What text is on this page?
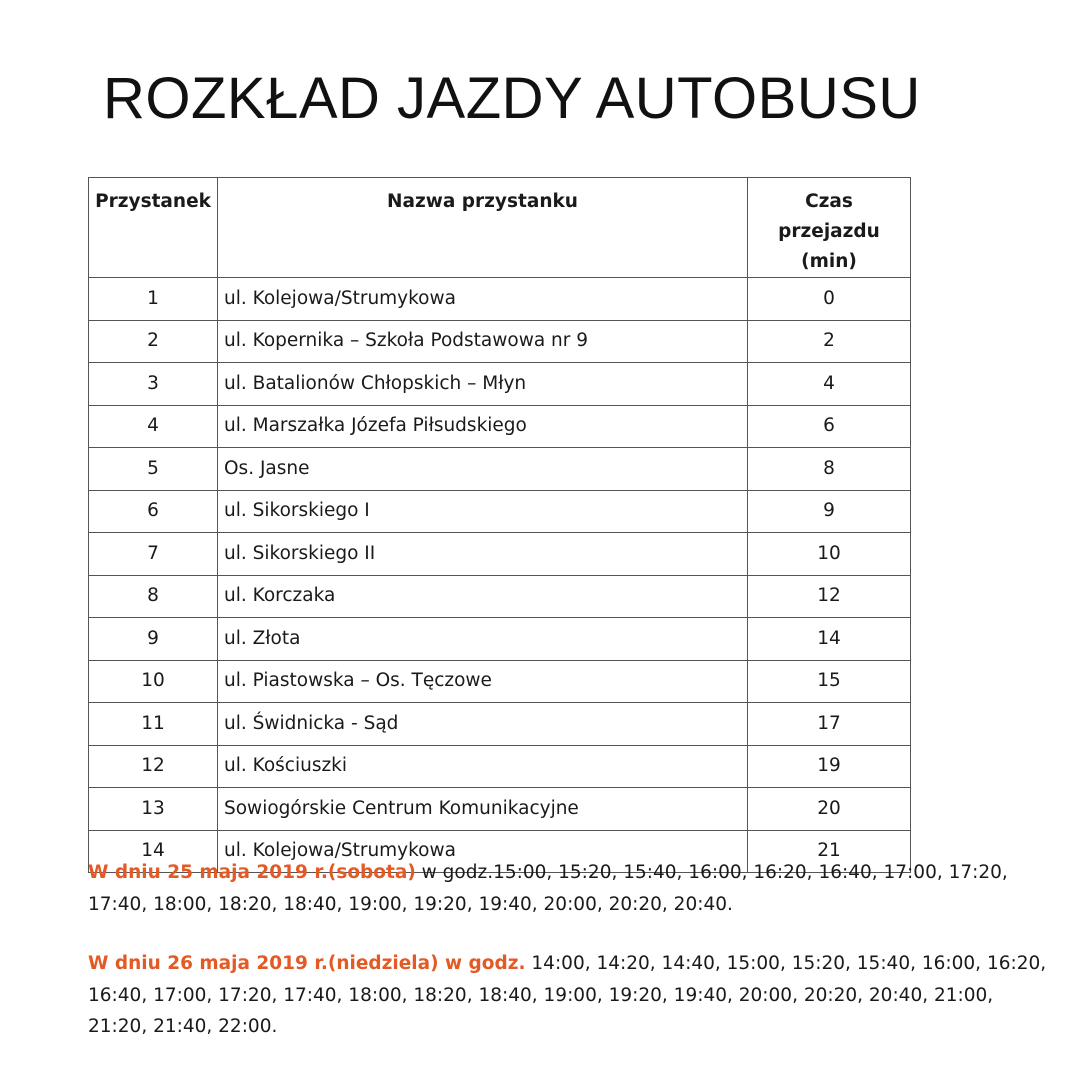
ROZKŁAD JAZDY AUTOBUSU
Przystanek	Nazwa przystanku	Czas przejazdu
(min)
1	ul. Kolejowa/Strumykowa	0
2	ul. Kopernika – Szkoła Podstawowa nr 9	2
3	ul. Batalionów Chłopskich – Młyn	4
4	ul. Marszałka Józefa Piłsudskiego	6
5	Os. Jasne	8
6	ul. Sikorskiego I	9
7	ul. Sikorskiego II	10
8	ul. Korczaka	12
9	ul. Złota	14
10	ul. Piastowska – Os. Tęczowe	15
11	ul. Świdnicka - Sąd	17
12	ul. Kościuszki	19
13	Sowiogórskie Centrum Komunikacyjne	20
14	ul. Kolejowa/Strumykowa	21

W dniu 25 maja 2019 r.(sobota) w godz.15:00, 15:20, 15:40, 16:00, 16:20, 16:40, 17:00, 17:20, 17:40, 18:00, 18:20, 18:40, 19:00, 19:20, 19:40, 20:00, 20:20, 20:40.

W dniu 26 maja 2019 r.(niedziela) w godz. 14:00, 14:20, 14:40, 15:00, 15:20, 15:40, 16:00, 16:20, 16:40, 17:00, 17:20, 17:40, 18:00, 18:20, 18:40, 19:00, 19:20, 19:40, 20:00, 20:20, 20:40, 21:00, 21:20, 21:40, 22:00.
